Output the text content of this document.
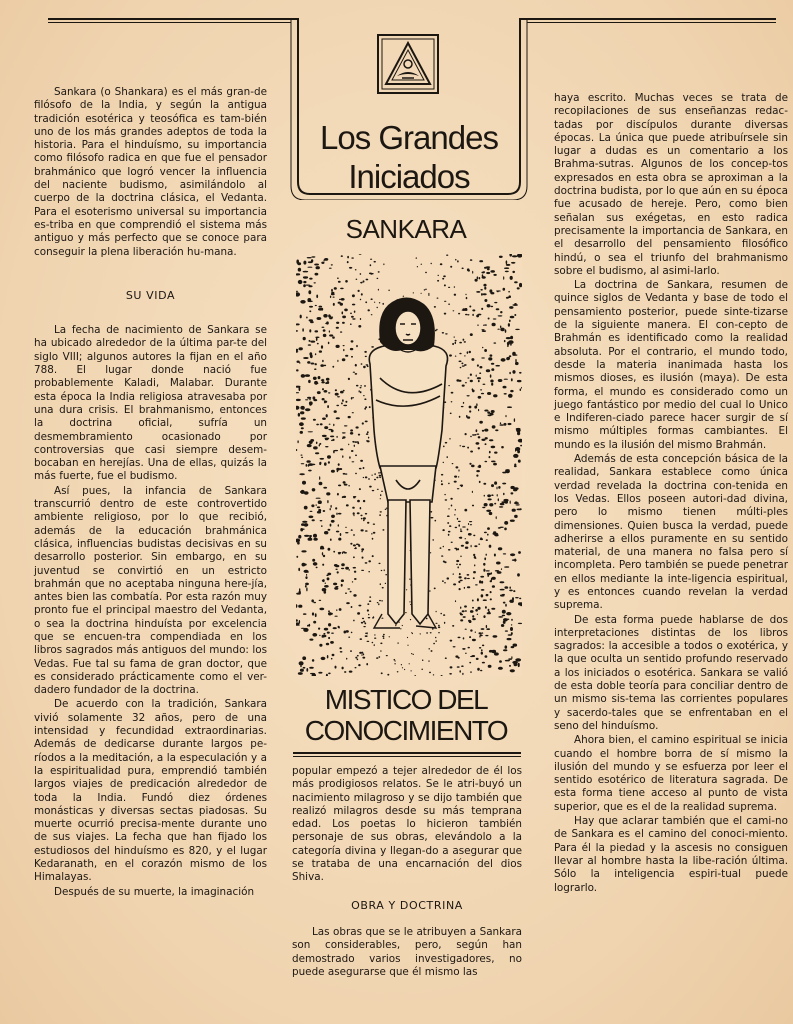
Los Grandes
Iniciados
SANKARA
MISTICO DEL
CONOCIMIENTO

Sankara (o Shankara) es el más gran-de filósofo de la India, y según la antigua tradición esotérica y teosófica es tam-bién uno de los más grandes adeptos de toda la historia. Para el hinduísmo, su importancia como filósofo radica en que fue el pensador brahmánico que logró vencer la influencia del naciente budismo, asimilándolo al cuerpo de la doctrina clásica, el Vedanta. Para el esoterismo universal su importancia es-triba en que comprendió el sistema más antiguo y más perfecto que se conoce para conseguir la plena liberación hu-mana.

SU VIDA

La fecha de nacimiento de Sankara se ha ubicado alrededor de la última par-te del siglo VIII; algunos autores la fijan en el año 788. El lugar donde nació fue probablemente Kaladi, Malabar. Durante esta época la India religiosa atravesaba por una dura crisis. El brahmanismo, entonces la doctrina oficial, sufría un desmembramiento ocasionado por controversias que casi siempre desem-bocaban en herejías. Una de ellas, quizás la más fuerte, fue el budismo.

Así pues, la infancia de Sankara transcurrió dentro de este controvertido ambiente religioso, por lo que recibió, además de la educación brahmánica clásica, influencias budistas decisivas en su desarrollo posterior. Sin embargo, en su juventud se convirtió en un estricto brahmán que no aceptaba ninguna here-jía, antes bien las combatía. Por esta razón muy pronto fue el principal maestro del Vedanta, o sea la doctrina hinduísta por excelencia que se encuen-tra compendiada en los libros sagrados más antiguos del mundo: los Vedas. Fue tal su fama de gran doctor, que es considerado prácticamente como el ver-dadero fundador de la doctrina.

De acuerdo con la tradición, Sankara vivió solamente 32 años, pero de una intensidad y fecundidad extraordinarias. Además de dedicarse durante largos pe-ríodos a la meditación, a la especulación y a la espiritualidad pura, emprendió también largos viajes de predicación alrededor de toda la India. Fundó diez órdenes monásticas y diversas sectas piadosas. Su muerte ocurrió precisa-mente durante uno de sus viajes. La fecha que han fijado los estudiosos del hinduísmo es 820, y el lugar Kedaranath, en el corazón mismo de los Himalayas.

Después de su muerte, la imaginación

popular empezó a tejer alrededor de él los más prodigiosos relatos. Se le atri-buyó un nacimiento milagroso y se dijo también que realizó milagros desde su más temprana edad. Los poetas lo hicieron también personaje de sus obras, elevándolo a la categoría divina y llegan-do a asegurar que se trataba de una encarnación del dios Shiva.

OBRA Y DOCTRINA

Las obras que se le atribuyen a Sankara son considerables, pero, según han demostrado varios investigadores, no puede asegurarse que él mismo las

haya escrito. Muchas veces se trata de recopilaciones de sus enseñanzas redac-tadas por discípulos durante diversas épocas. La única que puede atribuírsele sin lugar a dudas es un comentario a los Brahma-sutras. Algunos de los concep-tos expresados en esta obra se aproximan a la doctrina budista, por lo que aún en su época fue acusado de hereje. Pero, como bien señalan sus exégetas, en esto radica precisamente la importancia de Sankara, en el desarrollo del pensamiento filosófico hindú, o sea el triunfo del brahmanismo sobre el budismo, al asimi-larlo.

La doctrina de Sankara, resumen de quince siglos de Vedanta y base de todo el pensamiento posterior, puede sinte-tizarse de la siguiente manera. El con-cepto de Brahmán es identificado como la realidad absoluta. Por el contrario, el mundo todo, desde la materia inanimada hasta los mismos dioses, es ilusión (maya). De esta forma, el mundo es considerado como un juego fantástico por medio del cual lo Unico e Indiferen-ciado parece hacer surgir de sí mismo múltiples formas cambiantes. El mundo es la ilusión del mismo Brahmán.

Además de esta concepción básica de la realidad, Sankara establece como única verdad revelada la doctrina con-tenida en los Vedas. Ellos poseen autori-dad divina, pero lo mismo tienen múlti-ples dimensiones. Quien busca la verdad, puede adherirse a ellos puramente en su sentido material, de una manera no falsa pero sí incompleta. Pero también se puede penetrar en ellos mediante la inte-ligencia espiritual, y es entonces cuando revelan la verdad suprema.

De esta forma puede hablarse de dos interpretaciones distintas de los libros sagrados: la accesible a todos o exotérica, y la que oculta un sentido profundo reservado a los iniciados o esotérica. Sankara se valió de esta doble teoría para conciliar dentro de un mismo sis-tema las corrientes populares y sacerdo-tales que se enfrentaban en el seno del hinduísmo.

Ahora bien, el camino espiritual se inicia cuando el hombre borra de sí mismo la ilusión del mundo y se esfuerza por leer el sentido esotérico de literatura sagrada. De esta forma tiene acceso al punto de vista superior, que es el de la realidad suprema.

Hay que aclarar también que el cami-no de Sankara es el camino del conoci-miento. Para él la piedad y la ascesis no consiguen llevar al hombre hasta la libe-ración última. Sólo la inteligencia espiri-tual puede lograrlo.
